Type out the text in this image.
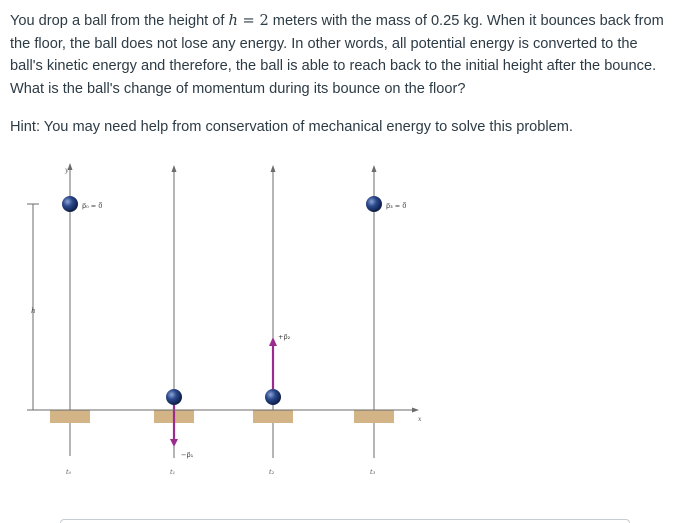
You drop a ball from the height of h = 2 meters with the mass of 0.25 kg. When it bounces back from the floor, the ball does not lose any energy. In other words, all potential energy is converted to the ball's kinetic energy and therefore, the ball is able to reach back to the initial height after the bounce. What is the ball's change of momentum during its bounce on the floor?

Hint: You may need help from conservation of mechanical energy to solve this problem.
h
y
p⃗₀ = 0⃗
t₀
−p⃗₁
t₁
+p⃗₂
t₂
p⃗₃ = 0⃗
t₃
x
